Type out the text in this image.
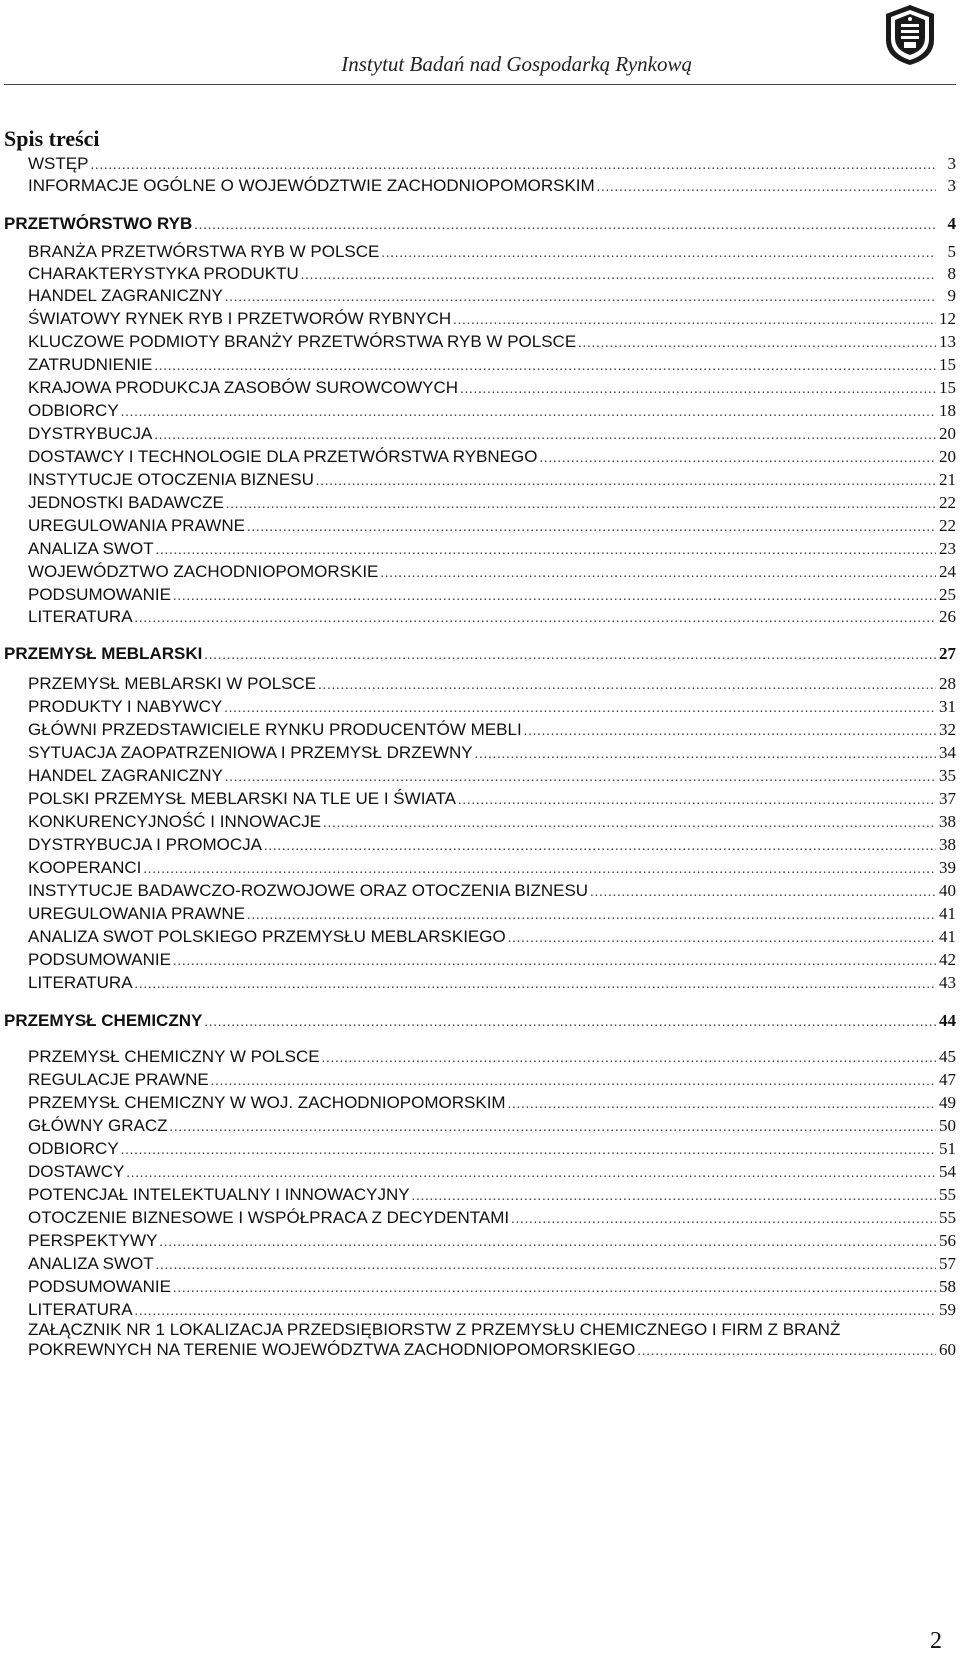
Instytut Badań nad Gospodarką Rynkową
Spis treści
WSTĘP .....	3
INFORMACJE OGÓLNE O WOJEWÓDZTWIE ZACHODNIOPOMORSKIM .....	3
PRZETWÓRSTWO RYB .....	4
BRANŻA PRZETWÓRSTWA RYB W POLSCE .....	5
CHARAKTERYSTYKA PRODUKTU .....	8
HANDEL ZAGRANICZNY .....	9
ŚWIATOWY RYNEK RYB I PRZETWORÓW RYBNYCH .....	12
KLUCZOWE PODMIOTY BRANŻY PRZETWÓRSTWA RYB W POLSCE .....	13
ZATRUDNIENIE .....	15
KRAJOWA PRODUKCJA ZASOBÓW SUROWCOWYCH .....	15
ODBIORCY .....	18
DYSTRYBUCJA .....	20
DOSTAWCY I TECHNOLOGIE DLA PRZETWÓRSTWA RYBNEGO .....	20
INSTYTUCJE OTOCZENIA BIZNESU .....	21
JEDNOSTKI BADAWCZE .....	22
UREGULOWANIA PRAWNE .....	22
ANALIZA SWOT .....	23
WOJEWÓDZTWO ZACHODNIOPOMORSKIE .....	24
PODSUMOWANIE .....	25
LITERATURA .....	26
PRZEMYSŁ MEBLARSKI .....	27
PRZEMYSŁ MEBLARSKI W POLSCE .....	28
PRODUKTY I NABYWCY .....	31
GŁÓWNI PRZEDSTAWICIELE RYNKU PRODUCENTÓW MEBLI .....	32
SYTUACJA ZAOPATRZENIOWA I PRZEMYSŁ DRZEWNY .....	34
HANDEL ZAGRANICZNY .....	35
POLSKI PRZEMYSŁ MEBLARSKI NA TLE UE I ŚWIATA .....	37
KONKURENCYJNOŚĆ I INNOWACJE .....	38
DYSTRYBUCJA I PROMOCJA .....	38
KOOPERANCI .....	39
INSTYTUCJE BADAWCZO-ROZWOJOWE ORAZ OTOCZENIA BIZNESU .....	40
UREGULOWANIA PRAWNE .....	41
ANALIZA SWOT POLSKIEGO PRZEMYSŁU MEBLARSKIEGO .....	41
PODSUMOWANIE .....	42
LITERATURA .....	43
PRZEMYSŁ CHEMICZNY .....	44
PRZEMYSŁ CHEMICZNY W POLSCE .....	45
REGULACJE PRAWNE .....	47
PRZEMYSŁ CHEMICZNY W WOJ. ZACHODNIOPOMORSKIM .....	49
GŁÓWNY GRACZ .....	50
ODBIORCY .....	51
DOSTAWCY .....	54
POTENCJAŁ INTELEKTUALNY I INNOWACYJNY .....	55
OTOCZENIE BIZNESOWE I WSPÓŁPRACA Z DECYDENTAMI .....	55
PERSPEKTYWY .....	56
ANALIZA SWOT .....	57
PODSUMOWANIE .....	58
LITERATURA .....	59
ZAŁĄCZNIK NR 1 LOKALIZACJA PRZEDSIĘBIORSTW Z PRZEMYSŁU CHEMICZNEGO I FIRM Z BRANŻ
POKREWNYCH NA TERENIE WOJEWÓDZTWA ZACHODNIOPOMORSKIEGO .....	60
2
